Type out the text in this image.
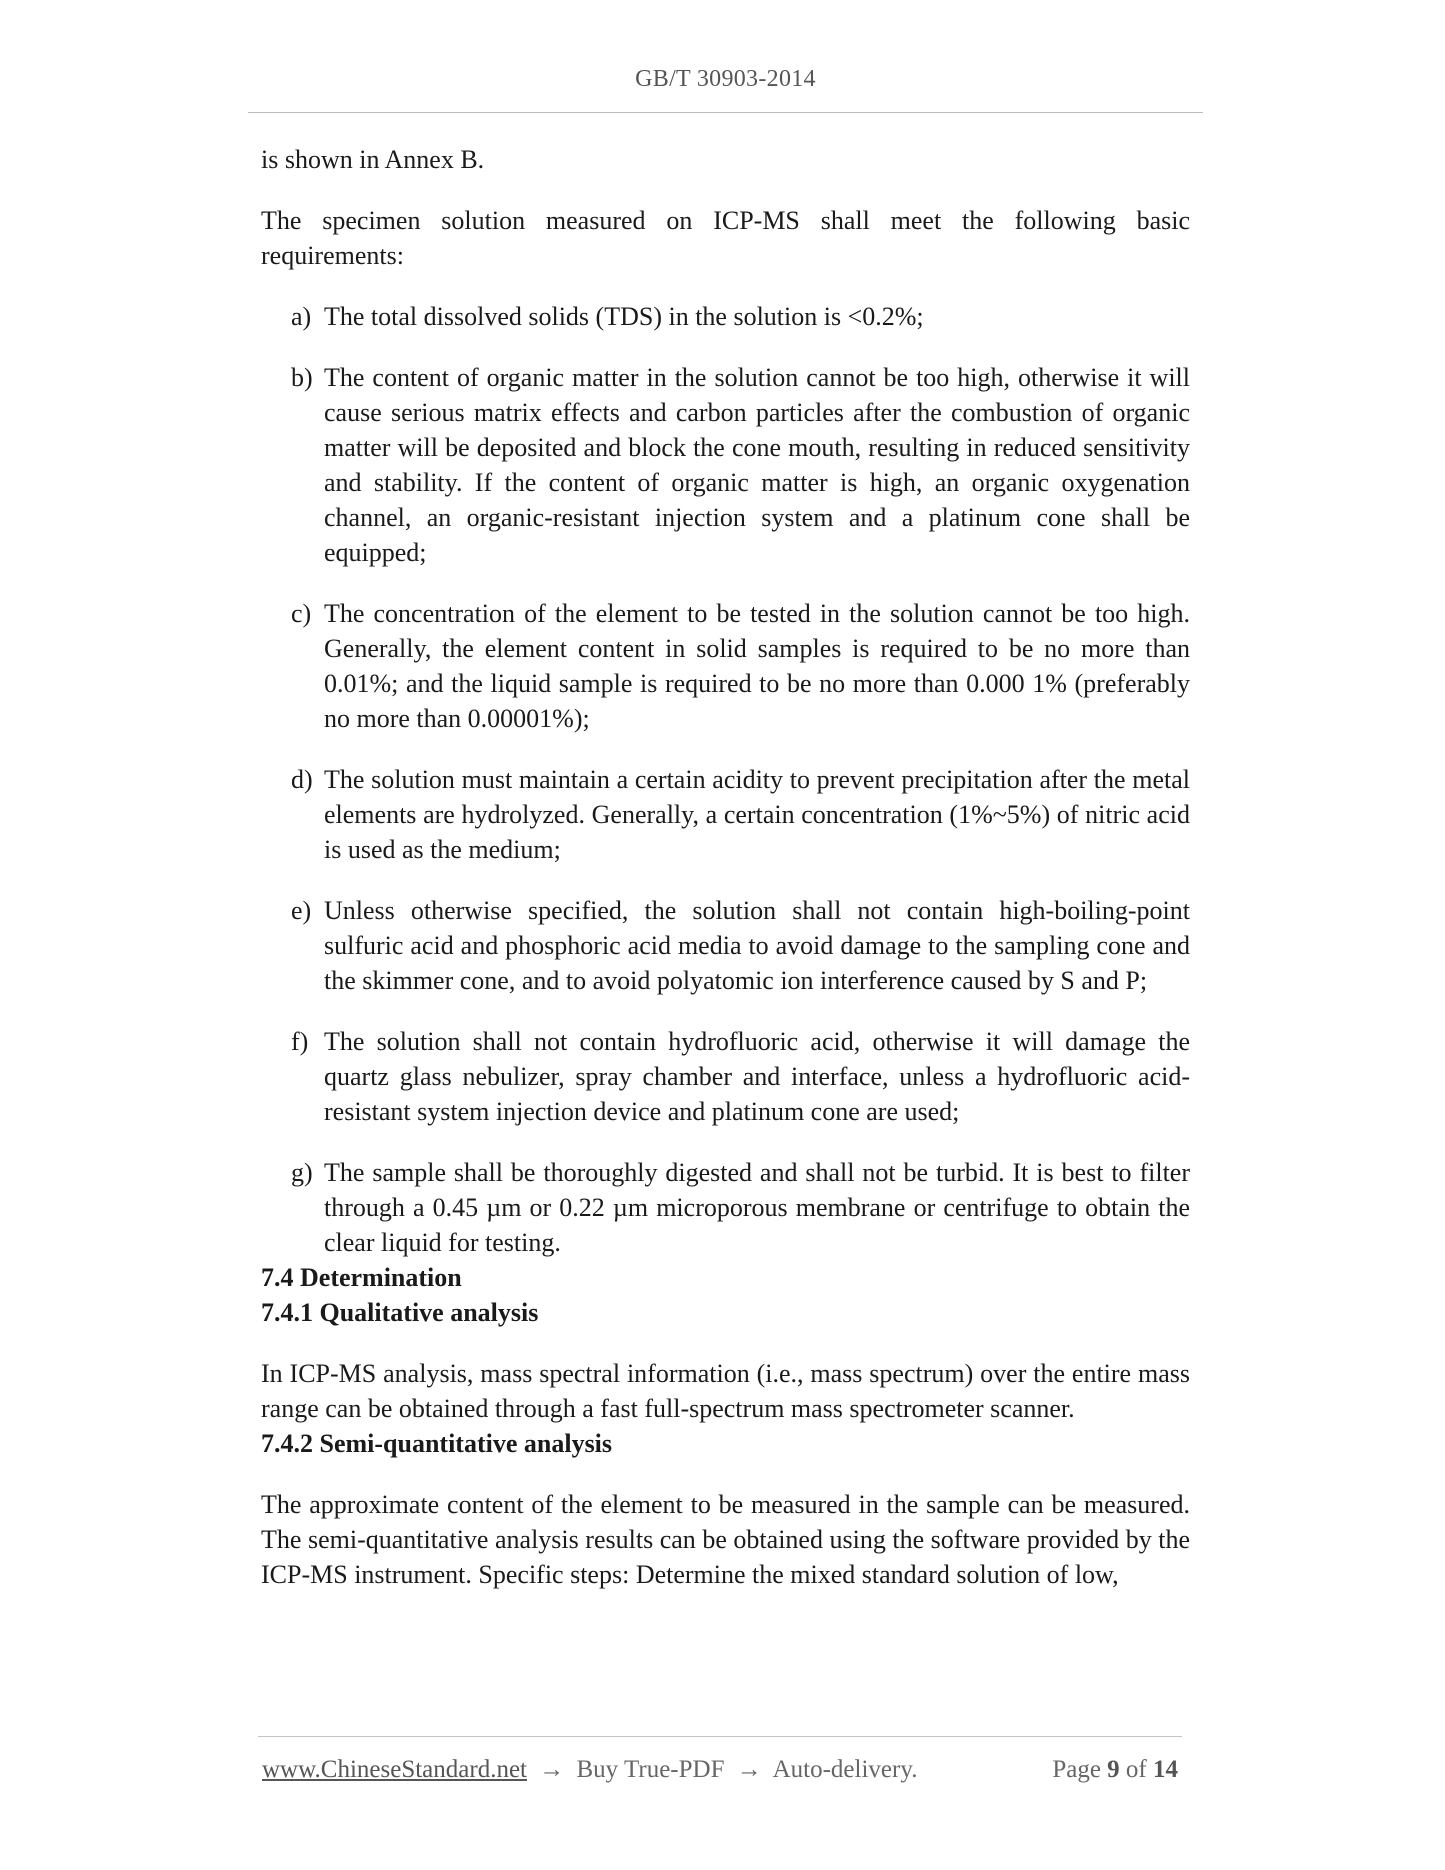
GB/T 30903-2014

is shown in Annex B.

The specimen solution measured on ICP-MS shall meet the following basic requirements:

a) The total dissolved solids (TDS) in the solution is <0.2%;
b) The content of organic matter in the solution cannot be too high, otherwise it will cause serious matrix effects and carbon particles after the combustion of organic matter will be deposited and block the cone mouth, resulting in reduced sensitivity and stability. If the content of organic matter is high, an organic oxygenation channel, an organic-resistant injection system and a platinum cone shall be equipped;
c) The concentration of the element to be tested in the solution cannot be too high. Generally, the element content in solid samples is required to be no more than 0.01%; and the liquid sample is required to be no more than 0.000 1% (preferably no more than 0.00001%);
d) The solution must maintain a certain acidity to prevent precipitation after the metal elements are hydrolyzed. Generally, a certain concentration (1%~5%) of nitric acid is used as the medium;
e) Unless otherwise specified, the solution shall not contain high-boiling-point sulfuric acid and phosphoric acid media to avoid damage to the sampling cone and the skimmer cone, and to avoid polyatomic ion interference caused by S and P;
f) The solution shall not contain hydrofluoric acid, otherwise it will damage the quartz glass nebulizer, spray chamber and interface, unless a hydrofluoric acid-resistant system injection device and platinum cone are used;
g) The sample shall be thoroughly digested and shall not be turbid. It is best to filter through a 0.45 µm or 0.22 µm microporous membrane or centrifuge to obtain the clear liquid for testing.

7.4 Determination

7.4.1 Qualitative analysis

In ICP-MS analysis, mass spectral information (i.e., mass spectrum) over the entire mass range can be obtained through a fast full-spectrum mass spectrometer scanner.

7.4.2 Semi-quantitative analysis

The approximate content of the element to be measured in the sample can be measured. The semi-quantitative analysis results can be obtained using the software provided by the ICP-MS instrument. Specific steps: Determine the mixed standard solution of low,

www.ChineseStandard.net → Buy True-PDF → Auto-delivery.	Page 9 of 14
